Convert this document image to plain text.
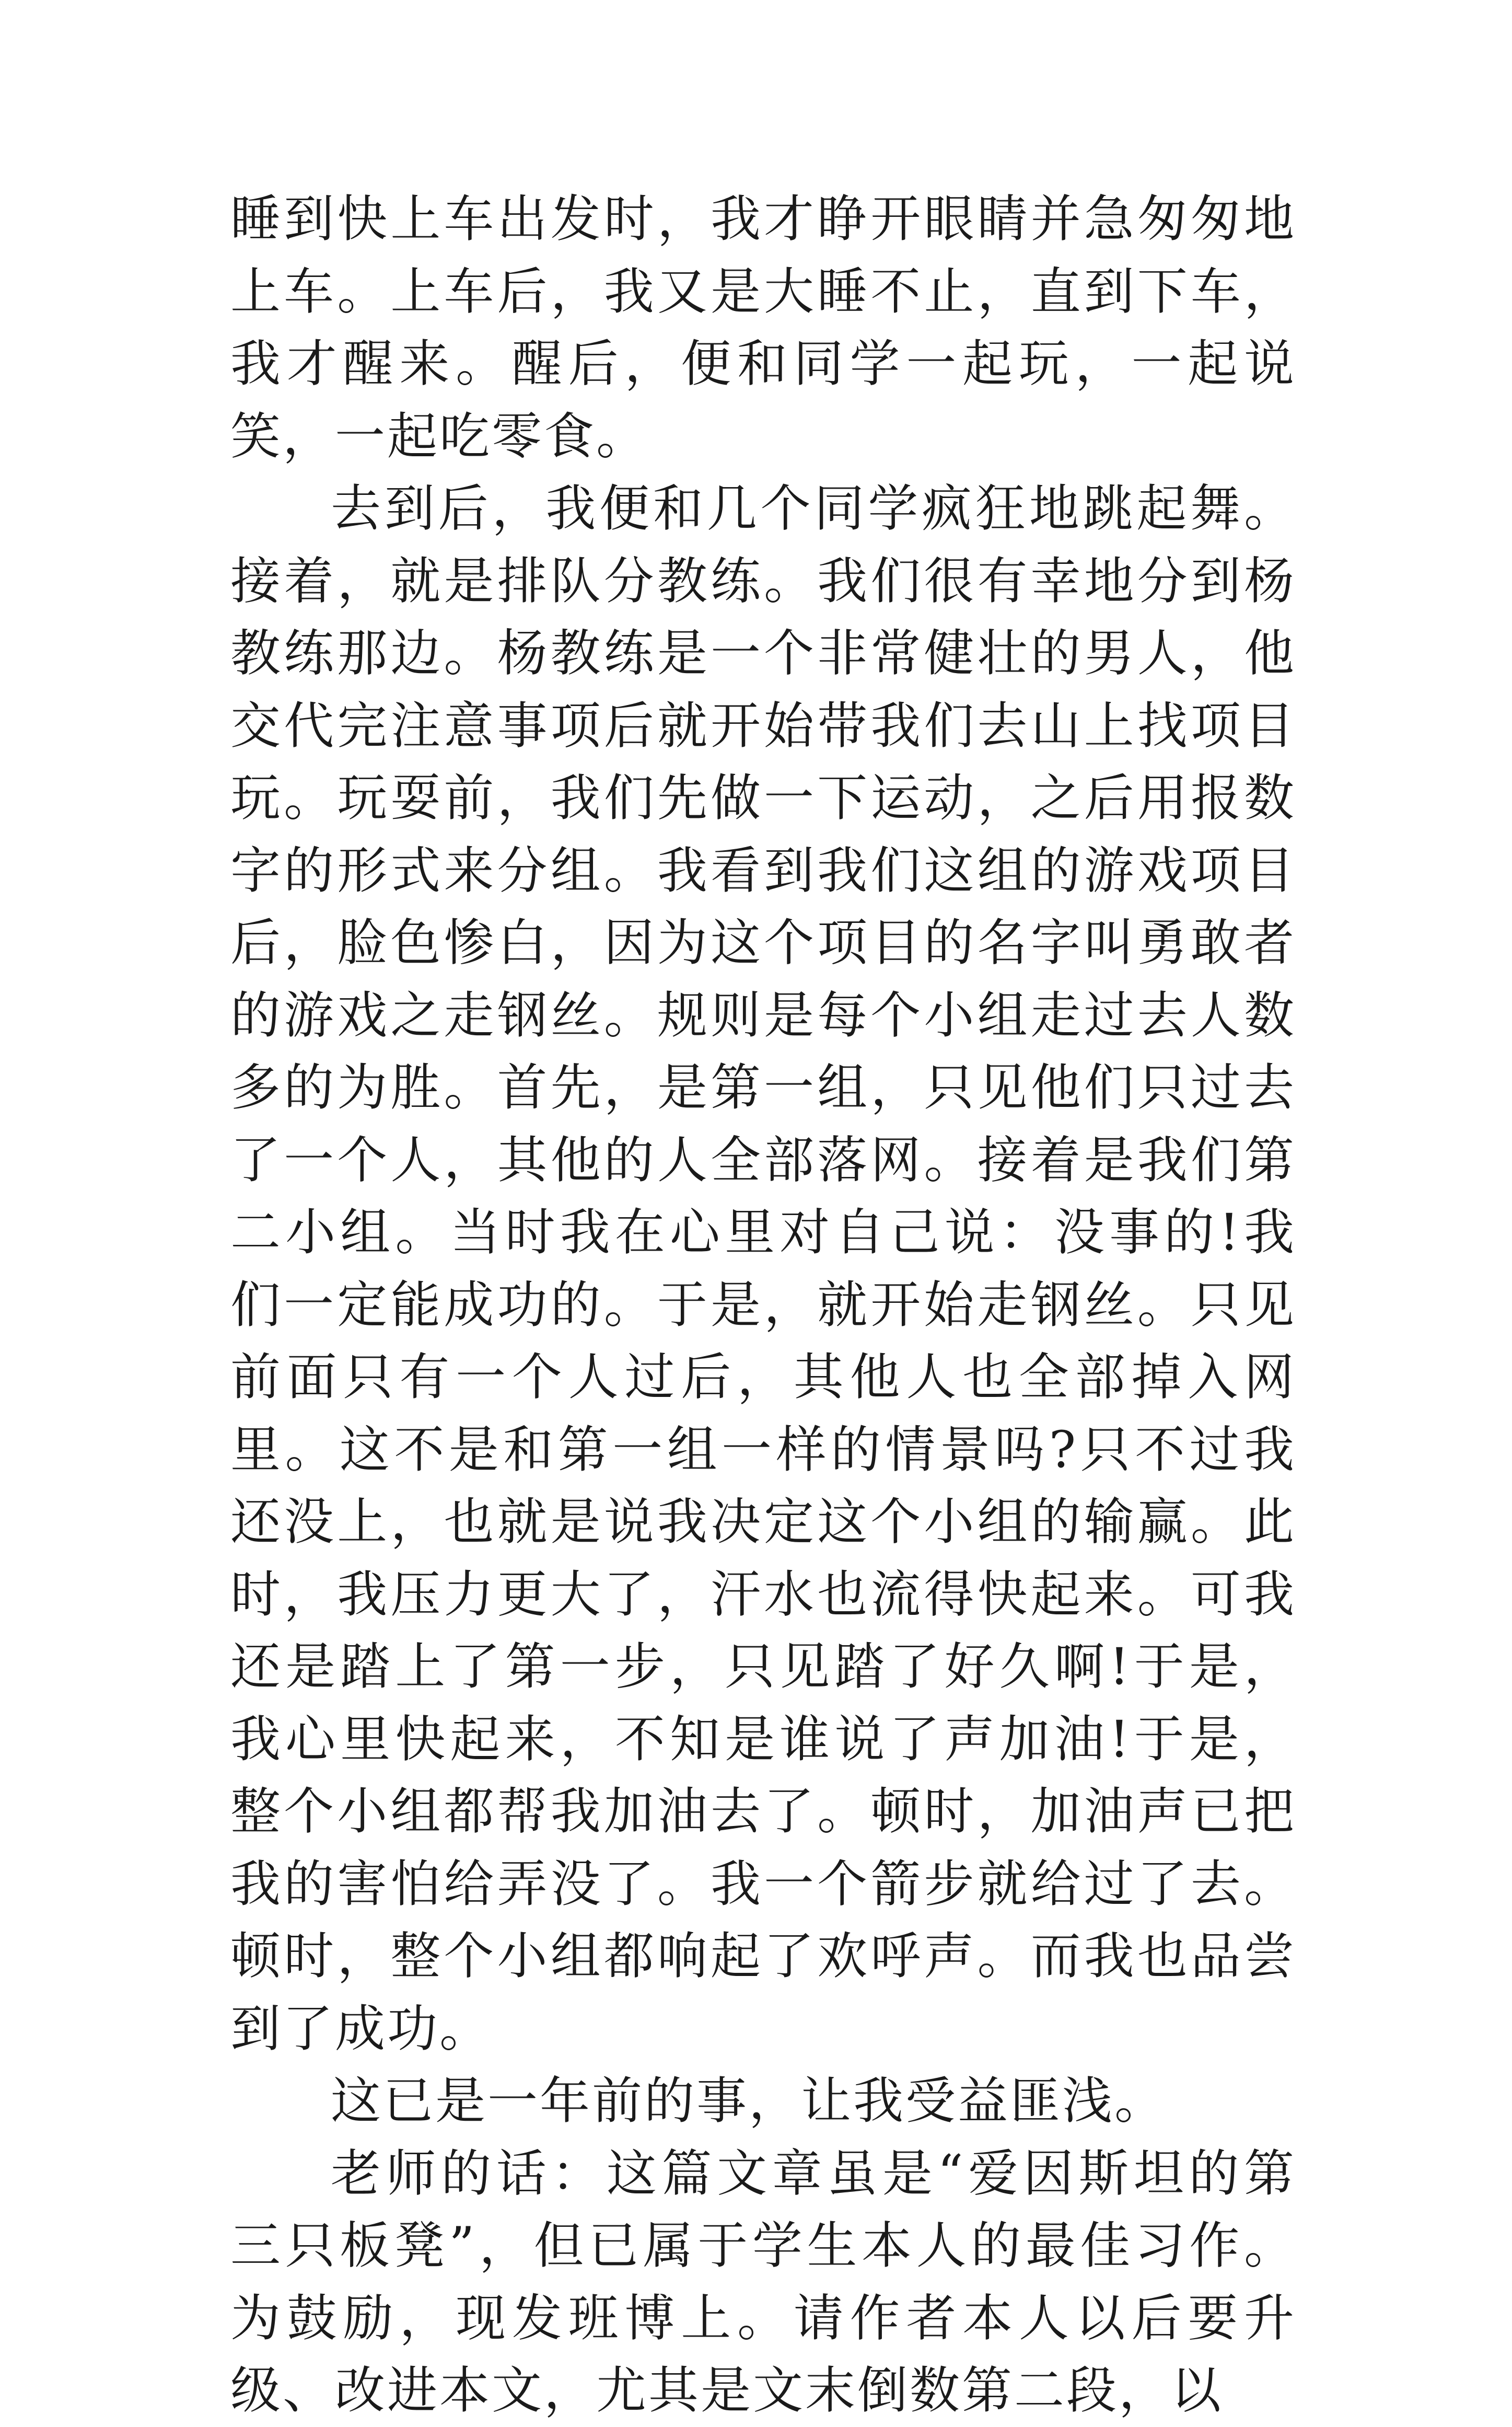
睡到快上车出发时，我才睁开眼睛并急匆匆地上车。上车后，我又是大睡不止，直到下车，我才醒来。醒后，便和同学一起玩，一起说笑，一起吃零食。

去到后，我便和几个同学疯狂地跳起舞。接着，就是排队分教练。我们很有幸地分到杨教练那边。杨教练是一个非常健壮的男人，他交代完注意事项后就开始带我们去山上找项目玩。玩耍前，我们先做一下运动，之后用报数字的形式来分组。我看到我们这组的游戏项目后，脸色惨白，因为这个项目的名字叫勇敢者的游戏之走钢丝。规则是每个小组走过去人数多的为胜。首先，是第一组，只见他们只过去了一个人，其他的人全部落网。接着是我们第二小组。当时我在心里对自己说：没事的!我们一定能成功的。于是，就开始走钢丝。只见前面只有一个人过后，其他人也全部掉入网里。这不是和第一组一样的情景吗?只不过我还没上，也就是说我决定这个小组的输赢。此时，我压力更大了，汗水也流得快起来。可我还是踏上了第一步，只见踏了好久啊!于是，我心里快起来，不知是谁说了声加油!于是，整个小组都帮我加油去了。顿时，加油声已把我的害怕给弄没了。我一个箭步就给过了去。顿时，整个小组都响起了欢呼声。而我也品尝到了成功。

这已是一年前的事，让我受益匪浅。

老师的话：这篇文章虽是“爱因斯坦的第三只板凳”，但已属于学生本人的最佳习作。为鼓励，现发班博上。请作者本人以后要升级、改进本文，尤其是文末倒数第二段，以
